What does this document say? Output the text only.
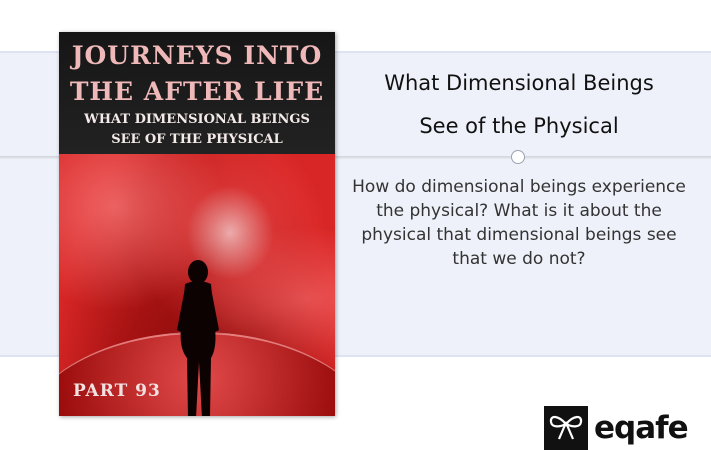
What Dimensional Beings
See of the Physical
How do dimensional beings experience the physical? What is it about the physical that dimensional beings see that we do not?
JOURNEYS INTO
THE AFTER LIFE
WHAT DIMENSIONAL BEINGS
SEE OF THE PHYSICAL
PART 93
eqafe
